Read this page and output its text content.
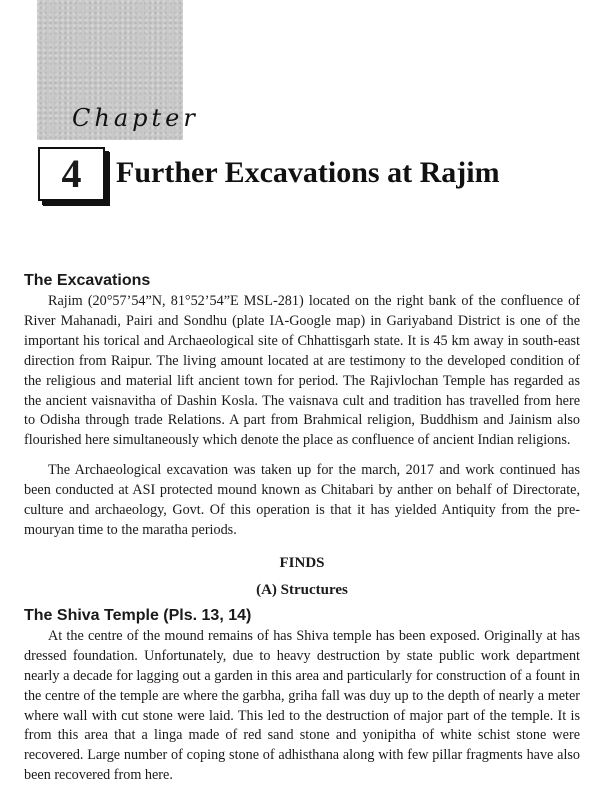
Chapter
4	Further Excavations at Rajim
The Excavations

Rajim (20°57’54”N, 81°52’54”E MSL-281) located on the right bank of the confluence of River Mahanadi, Pairi and Sondhu (plate IA-Google map) in Gariyaband District is one of the important his torical and Archaeological site of Chhattisgarh state. It is 45 km away in south-east direction from Raipur. The living amount located at are testimony to the developed condition of the religious and material lift ancient town for period. The Rajivlochan Temple has regarded as the ancient vaisnavitha of Dashin Kosla. The vaisnava cult and tradition has travelled from here to Odisha through trade Relations. A part from Brahmical religion, Buddhism and Jainism also flourished here simultaneously which denote the place as confluence of ancient Indian religions.

The Archaeological excavation was taken up for the march, 2017 and work continued has been conducted at ASI protected mound known as Chitabari by anther on behalf of Directorate, culture and archaeology, Govt. Of this operation is that it has yielded Antiquity from the pre-mouryan time to the maratha periods.

FINDS
(A) Structures
The Shiva Temple (Pls. 13, 14)

At the centre of the mound remains of has Shiva temple has been exposed. Originally at has dressed foundation. Unfortunately, due to heavy destruction by state public work department nearly a decade for lagging out a garden in this area and particularly for construction of a fount in the centre of the temple are where the garbha, griha fall was duy up to the depth of nearly a meter where wall with cut stone were laid. This led to the destruction of major part of the temple. It is from this area that a linga made of red sand stone and yonipitha of white schist stone were recovered. Large number of coping stone of adhisthana along with few pillar fragments have also been recovered from here.
